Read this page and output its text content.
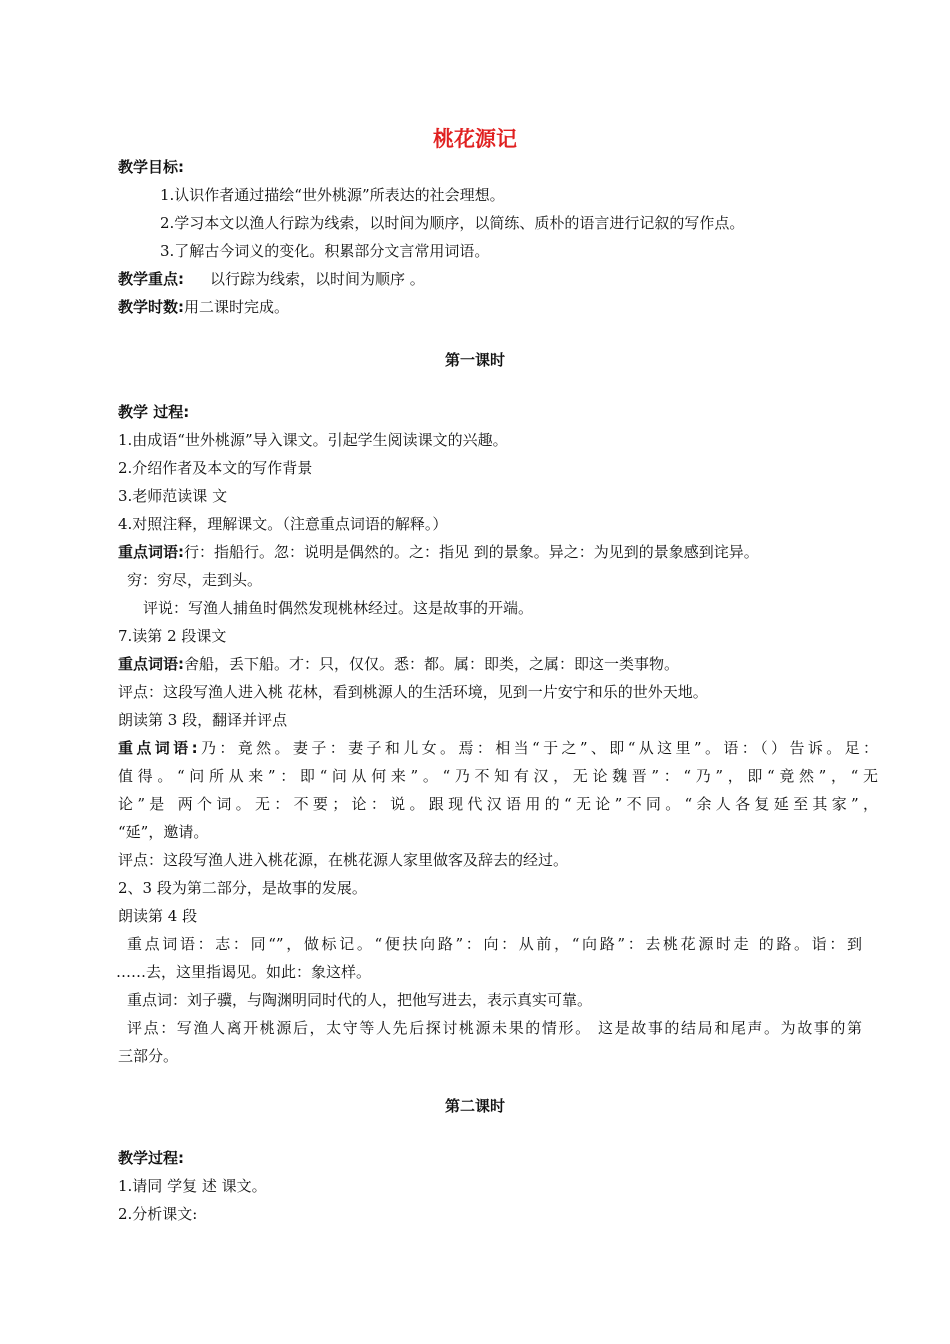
桃花源记
教学目标:
1.认识作者通过描绘“世外桃源”所表达的社会理想。
2.学习本文以渔人行踪为线索，以时间为顺序，以简练、质朴的语言进行记叙的写作点。
3.了解古今词义的变化。积累部分文言常用词语。
教学重点: 以行踪为线索，以时间为顺序 。
教学时数:用二课时完成。
第一课时
教学 过程:
1.由成语“世外桃源”导入课文。引起学生阅读课文的兴趣。
2.介绍作者及本文的写作背景
3.老师范读课 文
4.对照注释，理解课文。（注意重点词语的解释。）
重点词语:行：指船行。忽：说明是偶然的。之：指见 到的景象。异之：为见到的景象感到诧异。
穷：穷尽，走到头。
评说：写渔人捕鱼时偶然发现桃林经过。这是故事的开端。
7.读第 2 段课文
重点词语:舍船，丢下船。才：只，仅仅。悉：都。属：即类，之属：即这一类事物。
评点：这段写渔人进入桃 花林，看到桃源人的生活环境，见到一片安宁和乐的世外天地。
朗读第 3 段，翻译并评点
重点词语:乃：竟然。妻子：妻子和儿女。焉：相当“于之”、即“从这里”。语：（）告诉。足：
值得。“问所从来”：即“问从何来”。“乃不知有汉，无论魏晋”：“乃”，即“竟然”，“无
论”是 两个词。无：不要；论：说。跟现代汉语用的“无论”不同。“余人各复延至其家”，
“延”，邀请。
评点：这段写渔人进入桃花源，在桃花源人家里做客及辞去的经过。
2、3 段为第二部分，是故事的发展。
朗读第 4 段
重点词语：志：同“”，做标记。“便扶向路”：向：从前，“向路”：去桃花源时走 的路。诣：到
……去，这里指谒见。如此：象这样。
重点词：刘子骥，与陶渊明同时代的人，把他写进去，表示真实可靠。
评点：写渔人离开桃源后，太守等人先后探讨桃源未果的情形。 这是故事的结局和尾声。为故事的第
三部分。
第二课时
教学过程:
1.请同 学复 述 课文。
2.分析课文:
